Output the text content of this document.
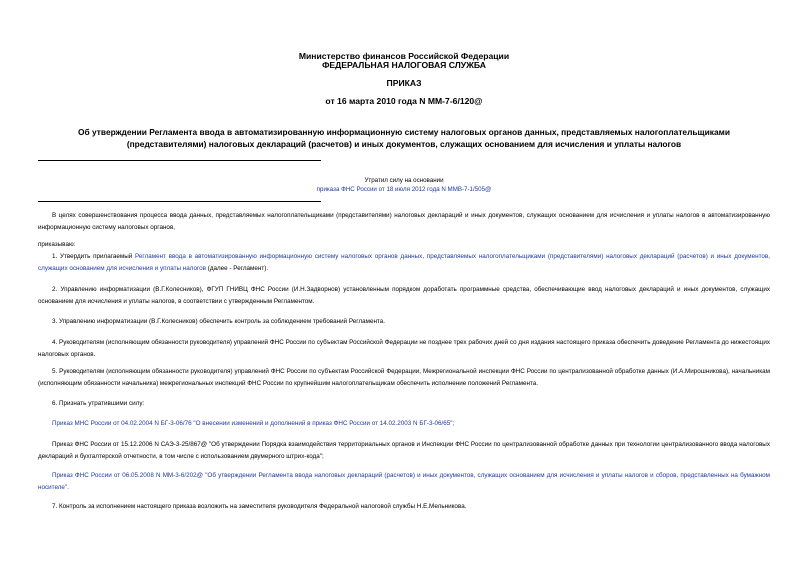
Министерство финансов Российской Федерации
ФЕДЕРАЛЬНАЯ НАЛОГОВАЯ СЛУЖБА
ПРИКАЗ
от 16 марта 2010 года N ММ-7-6/120@
Об утверждении Регламента ввода в автоматизированную информационную систему налоговых органов данных, представляемых налогоплательщиками (представителями) налоговых деклараций (расчетов) и иных документов, служащих основанием для исчисления и уплаты налогов
Утратил силу на основании
приказа ФНС России от 18 июля 2012 года N ММВ-7-1/505@
В целях совершенствования процесса ввода данных, представляемых налогоплательщиками (представителями) налоговых деклараций и иных документов, служащих основанием для исчисления и уплаты налогов в автоматизированную информационную систему налоговых органов,
приказываю:
1. Утвердить прилагаемый Регламент ввода в автоматизированную информационную систему налоговых органов данных, представляемых налогоплательщиками (представителями) налоговых деклараций (расчетов) и иных документов, служащих основанием для исчисления и уплаты налогов (далее - Регламент).
2. Управлению информатизации (В.Г.Колесников), ФГУП ГНИВЦ ФНС России (И.Н.Задворнов) установленным порядком доработать программные средства, обеспечивающие ввод налоговых деклараций и иных документов, служащих основанием для исчисления и уплаты налогов, в соответствии с утвержденным Регламентом.
3. Управлению информатизации (В.Г.Колесников) обеспечить контроль за соблюдением требований Регламента.
4. Руководителям (исполняющим обязанности руководителя) управлений ФНС России по субъектам Российской Федерации не позднее трех рабочих дней со дня издания настоящего приказа обеспечить доведение Регламента до нижестоящих налоговых органов.
5. Руководителям (исполняющим обязанности руководителя) управлений ФНС России по субъектам Российской Федерации, Межрегиональной инспекции ФНС России по централизованной обработке данных (И.А.Мирошникова), начальникам (исполняющим обязанности начальника) межрегиональных инспекций ФНС России по крупнейшим налогоплательщикам обеспечить исполнение положений Регламента.
6. Признать утратившими силу:
Приказ МНС России от 04.02.2004 N БГ-3-06/76 "О внесении изменений и дополнений в приказ ФНС России от 14.02.2003 N БГ-3-06/65";
Приказ ФНС России от 15.12.2006 N САЭ-3-25/867@ "Об утверждении Порядка взаимодействия территориальных органов и Инспекции ФНС России по централизованной обработке данных при технологии централизованного ввода налоговых деклараций и бухгалтерской отчетности, в том числе с использованием двумерного штрих-кода";
Приказ ФНС России от 06.05.2008 N ММ-3-6/202@ "Об утверждении Регламента ввода налоговых деклараций (расчетов) и иных документов, служащих основанием для исчисления и уплаты налогов и сборов, представленных на бумажном носителе".
7. Контроль за исполнением настоящего приказа возложить на заместителя руководителя Федеральной налоговой службы Н.Е.Мельникова.
